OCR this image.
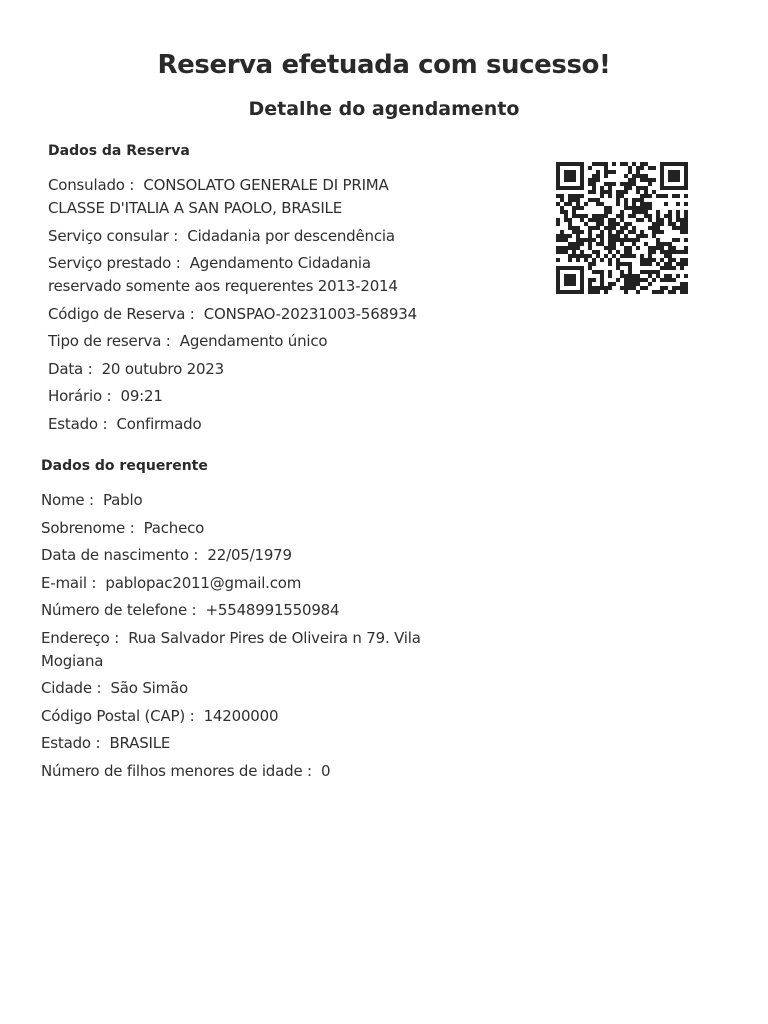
Reserva efetuada com sucesso!
Detalhe do agendamento
Dados da Reserva
Consulado : CONSOLATO GENERALE DI PRIMA CLASSE D'ITALIA A SAN PAOLO, BRASILE
Serviço consular : Cidadania por descendência
Serviço prestado : Agendamento Cidadania reservado somente aos requerentes 2013-2014
Código de Reserva : CONSPAO-20231003-568934
Tipo de reserva : Agendamento único
Data : 20 outubro 2023
Horário : 09:21
Estado : Confirmado
Dados do requerente
Nome : Pablo
Sobrenome : Pacheco
Data de nascimento : 22/05/1979
E-mail : pablopac2011@gmail.com
Número de telefone : +5548991550984
Endereço : Rua Salvador Pires de Oliveira n 79. Vila Mogiana
Cidade : São Simão
Código Postal (CAP) : 14200000
Estado : BRASILE
Número de filhos menores de idade : 0
